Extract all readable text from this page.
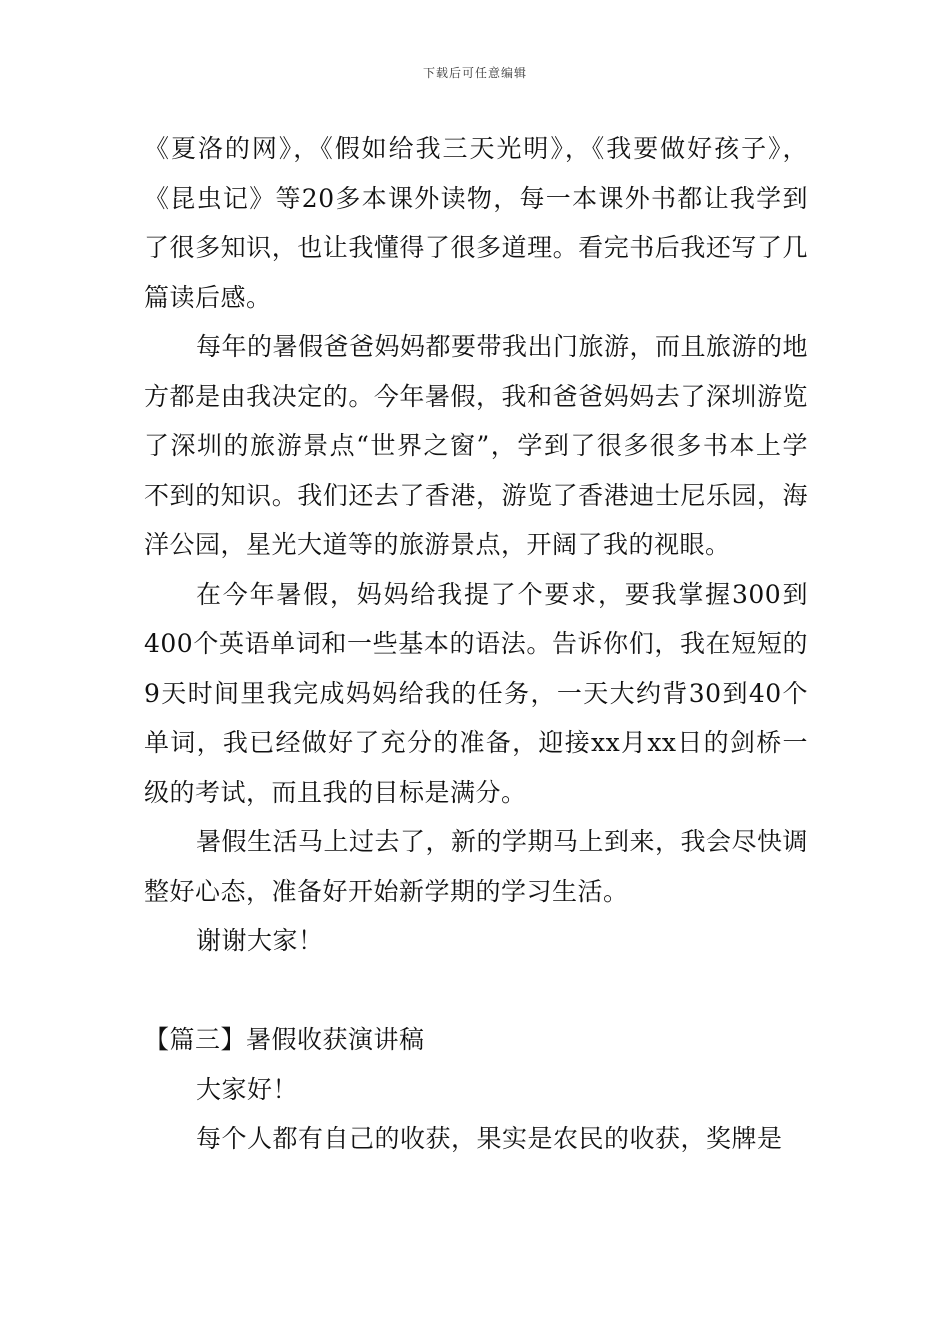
下载后可任意编辑

《夏洛的网》，《假如给我三天光明》，《我要做好孩子》，《昆虫记》等20多本课外读物，每一本课外书都让我学到了很多知识，也让我懂得了很多道理。看完书后我还写了几篇读后感。

每年的暑假爸爸妈妈都要带我出门旅游，而且旅游的地方都是由我决定的。今年暑假，我和爸爸妈妈去了深圳游览了深圳的旅游景点“世界之窗”，学到了很多很多书本上学不到的知识。我们还去了香港，游览了香港迪士尼乐园，海洋公园，星光大道等的旅游景点，开阔了我的视眼。

在今年暑假，妈妈给我提了个要求，要我掌握300到400个英语单词和一些基本的语法。告诉你们，我在短短的9天时间里我完成妈妈给我的任务，一天大约背30到40个单词，我已经做好了充分的准备，迎接xx月xx日的剑桥一级的考试，而且我的目标是满分。

暑假生活马上过去了，新的学期马上到来，我会尽快调整好心态，准备好开始新学期的学习生活。

谢谢大家！

【篇三】暑假收获演讲稿

大家好！

每个人都有自己的收获，果实是农民的收获，奖牌是
